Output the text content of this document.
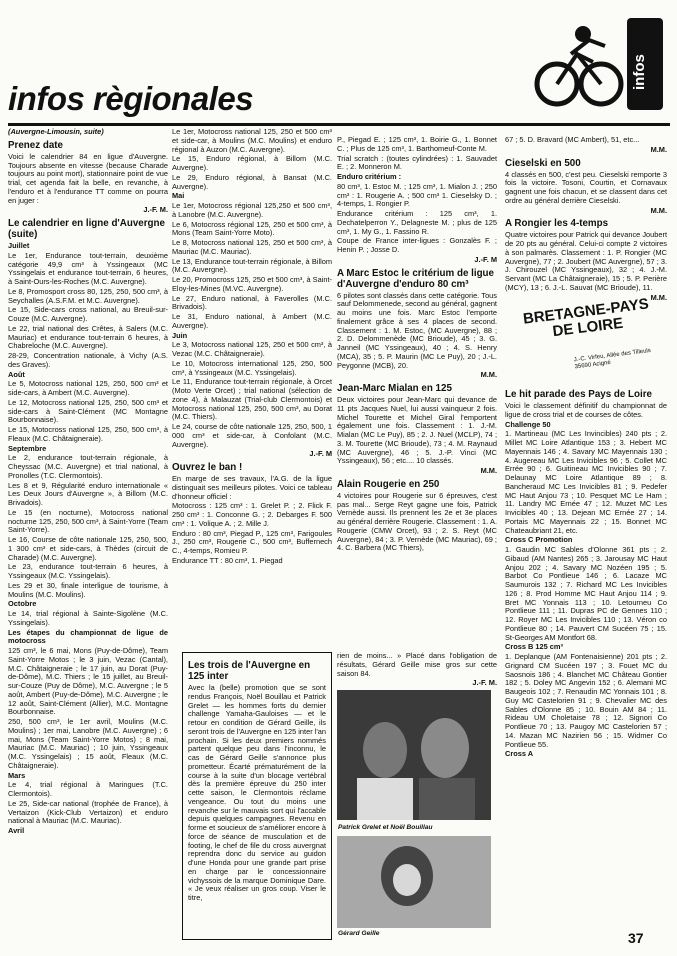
infos règionales
infos

(Auvergne-Limousin, suite)

Prenez date

Voici le calendrier 84 en ligue d'Auvergne. Toujours absente en vitesse (because Charade toujours au point mort), stationnaire point de vue trial, cet agenda fait la belle, en revanche, à l'enduro et à l'endurance TT comme on pourra en juger :

J.-F. M.
Le calendrier en ligne d'Auvergne (suite)

Juillet

Le 1er, Endurance tout-terrain, deuxième catégorie 49,9 cm³ à Yssingeaux (MC Yssingelais et endurance tout-terrain, 6 heures, à Saint-Ours-les-Roches (M.C. Auvergne).

Le 8, Promosport cross 80, 125, 250, 500 cm³, à Seychalles (A.S.F.M. et M.C. Auvergne).

Le 15, Side-cars cross national, au Breuil-sur-Couze (M.C. Auvergne).

Le 22, trial national des Crêtes, à Salers (M.C. Mauriac) et endurance tout-terrain 6 heures, à Chabreloche (M.C. Auvergne).

28-29, Concentration nationale, à Vichy (A.S. des Graves).

Août

Le 5, Motocross national 125, 250, 500 cm³ et side-cars, à Ambert (M.C. Auvergne).

Le 12, Motocross national 125, 250, 500 cm³ et side-cars à Saint-Clément (MC Montagne Bourbonnaise).

Le 15, Motocross national 125, 250, 500 cm³, à Fleaux (M.C. Châtaigneraie).

Septembre

Le 2, endurance tout-terrain régionale, à Cheyssac (M.C. Auvergne) et trial national, à Pronolles (T.C. Clermontois).

Les 8 et 9, Régularité enduro internationale « Les Deux Jours d'Auvergne », à Billom (M.C. Brivadois).

Le 15 (en nocturne), Motocross national nocturne 125, 250, 500 cm³, à Saint-Yorre (Team Saint-Yorre).

Le 16, Course de côte nationale 125, 250, 500, 1 300 cm³ et side-cars, à Thèdes (circuit de Charade) (M.C. Auvergne).

Le 23, endurance tout-terrain 6 heures, à Yssingeaux (M.C. Yssingelais).

Les 29 et 30, finale interligue de tourisme, à Moulins (M.C. Moulins).

Octobre

Le 14, trial régional à Sainte-Sigolène (M.C. Yssingelais).

Les étapes du championnat de ligue de motocross

125 cm³, le 6 mai, Mons (Puy-de-Dôme), Team Saint-Yorre Motos ; le 3 juin, Vezac (Cantal), M.C. Châtaigneraie ; le 17 juin, au Dorat (Puy-de-Dôme), M.C. Thiers ; le 15 juillet, au Breuil-sur-Couze (Puy de Dôme), M.C. Auvergne ; le 5 août, Ambert (Puy-de-Dôme), M.C. Auvergne ; le 12 août, Saint-Clément (Allier), M.C. Montagne Bourbonnaise.

250, 500 cm³, le 1er avril, Moulins (M.C. Moulins) ; 1er mai, Lanobre (M.C. Auvergne) ; 6 mai, Mons (Team Saint-Yorre Motos) ; 8 mai, Mauriac (M.C. Mauriac) ; 10 juin, Yssingeaux (M.C. Yssingelais) ; 15 août, Fleaux (M.C. Châtaigneraie).

Mars

Le 4, trial régional à Maringues (T.C. Clermontois).

Le 25, Side-car national (trophée de France), à Vertaizon (Kick-Club Vertaizon) et enduro national à Mauriac (M.C. Mauriac).

Avril

Le 1er, Motocross national 125, 250 et 500 cm³ et side-car, à Moulins (M.C. Moulins) et enduro régional à Auzon (M.C. Auvergne).

Le 15, Enduro régional, à Billom (M.C. Auvergne).

Le 29, Enduro régional, à Bansat (M.C. Auvergne).

Mai

Le 1er, Motocross régional 125,250 et 500 cm³, à Lanobre (M.C. Auvergne).

Le 6, Motocross régional 125, 250 et 500 cm³, à Mons (Team Saint-Yorre Moto).

Le 8, Motocross national 125, 250 et 500 cm³, à Mauriac (M.C. Mauriac).

Le 13, Endurance tout-terrain régionale, à Billom (M.C. Auvergne).

Le 20, Promocross 125, 250 et 500 cm³, à Saint-Eloy-les-Mines (M.VC. Auvergne).

Le 27, Enduro national, à Faverolles (M.C. Brivadois).

Le 31, Enduro national, à Ambert (M.C. Auvergne).

Juin

Le 3, Motocross national 125, 250 et 500 cm³, à Vezac (M.C. Châtaigneraie).

Le 10, Motocross international 125, 250, 500 cm³, à Yssingeaux (M.C. Yssingelais).

Le 11, Endurance tout-terrain régionale, à Orcet (Moto Verte Orcet) ; trial national (sélection de zone 4), à Malauzat (Trial-club Clermontois) et Motocross national 125, 250, 500 cm³, au Dorat (M.C. Thiers).

Le 24, course de côte nationale 125, 250, 500, 1 000 cm³ et side-car, à Confolant (M.C. Auvergne).

J.-F. M
Ouvrez le ban !

En marge de ses travaux, l'A.G. de la ligue distinguait ses meilleurs pilotes. Voici ce tableau d'honneur officiel :

Motocross : 125 cm³ : 1. Grelet P. ; 2. Flick F. 250 cm³ : 1. Conconne G. ; 2. Debarges F. 500 cm³ : 1. Volique A. ; 2. Mille J.

Enduro : 80 cm³, Piegad P., 125 cm³, Farigoules J., 250 cm³, Rougerie C., 500 cm³, Buffernech C., 4-temps, Romieu P.

Endurance TT : 80 cm³, 1. Piegad

Les trois de l'Auvergne en 125 inter

Avec la (belle) promotion que se sont rendus François, Noël Bouillau et Patrick Grelet — les hommes forts du dernier challenge Yamaha-Gauloises — et le retour en condition de Gérard Geille, ils seront trois de l'Auvergne en 125 inter l'an prochain. Si les deux premiers nommés partent quelque peu dans l'inconnu, le cas de Gérard Geille s'annonce plus prometteur. Écarté prématurément de la course à la suite d'un blocage vertébral dès la première épreuve du 250 inter cette saison, le Clermontois réclame vengeance. Ou tout du moins une revanche sur le mauvais sort qui l'accable depuis quelques campagnes. Revenu en forme et soucieux de s'améliorer encore à force de séance de musculation et de footing, le chef de file du cross auvergnat reprendra donc du service au guidon d'une Honda pour une grande part prise en charge par le concessionnaire vichyssois de la marque Dominique Dare. « Je veux réaliser un gros coup. Viser le titre,

rien de moins... » Placé dans l'obligation de résultats, Gérard Geille mise gros sur cette saison 84.

J.-F. M.
Patrick Grelet et Noël Bouillau
Gérard Geille

P., Piegad E. ; 125 cm³, 1. Boirie G., 1. Bonnet C. ; Plus de 125 cm³, 1. Barthomeuf-Conte M.

Trial scratch : (toutes cylindrées) : 1. Sauvadet E. ; 2. Monneron M.

Enduro critérium :

80 cm³, 1. Estoc M. ; 125 cm³, 1. Mialon J. ; 250 cm³ : 1. Rougerie A. ; 500 cm³ 1. Cieselsky D. ; 4-temps, 1. Rongier P.

Endurance critérium : 125 cm³, 1. Dechatelperron Y., Delagneste M. ; plus de 125 cm³, 1. My G., 1. Fassino R.

Coupe de France inter-ligues : Gonzalès F. ; Henin P. ; Josse D.

J.-F. M
A Marc Estoc le critérium de ligue d'Auvergne d'enduro 80 cm³

6 pilotes sont classés dans cette catégorie. Tous sauf Delommenede, second au général, gagnent au moins une fois. Marc Estoc l'emporte finalement grâce à ses 4 places de second. Classement : 1. M. Estoc, (MC Auvergne), 88 ; 2. D. Delommenède (MC Brioude), 45 ; 3. G. Janneil (MC Yssingeaux), 40 ; 4. S. Henry (MCA), 35 ; 5. P. Maurin (MC Le Puy), 20 ; J.-L. Peygonne (MCB), 20.

M.M.
Jean-Marc Mialan en 125

Deux victoires pour Jean-Marc qui devance de 11 pts Jacques Nuel, lui aussi vainqueur 2 fois. Michel Tourette et Michel Giral l'emportent également une fois. Classement : 1. J.-M. Mialan (MC Le Puy), 85 ; 2. J. Nuel (MCLP), 74 ; 3. M. Tourette (MC Brioude), 73 ; 4. M. Raynaud (MC Auvergne), 46 ; 5. J.-P. Vinci (MC Yssingeaux), 56 ; etc.... 10 classés.

M.M.
Alain Rougerie en 250

4 victoires pour Rougerie sur 6 épreuves, c'est pas mal... Serge Reyt gagne une fois, Patrick Vernède aussi. Ils prennent les 2e et 3e places au général derrière Rougerie. Classement : 1. A. Rougerie (CMW Orcet), 93 ; 2. S. Reyt (MC Auvergne), 84 ; 3. P. Vernède (MC Mauriac), 69 ; 4. C. Barbera (MC Thiers),

67 ; 5. D. Bravard (MC Ambert), 51, etc...

M.M.
Cieselski en 500

4 classés en 500, c'est peu. Cieselski remporte 3 fois la victoire. Tosoni, Courtin, et Cornavaux gagnent une fois chacun, et se classent dans cet ordre au général derrière Cieselski.

M.M.
A Rongier les 4-temps

Quatre victoires pour Patrick qui devance Joubert de 20 pts au général. Celui-ci compte 2 victoires à son palmarès. Classement : 1. P. Rongier (MC Auvergne), 77 ; 2. Joubert (MC Auvergne), 57 ; 3. J. Chirouzel (MC Yssingeaux), 32 ; 4. J.-M. Servant (MC La Châtaigneraie), 15 ; 5. P. Perière (MCY), 13 ; 6. J.-L. Sauvat (MC Brioude), 11.

M.M.
BRETAGNE-PAYS DE LOIRE
J.-C. Virfeu, Allée des Tilleuls 35690 Acigné
Le hit parade des Pays de Loire

Voici le classement définitif du championnat de ligue de cross trial et de courses de côtes.

Challenge 50

1. Martineau (MC Les Invincibles) 240 pts ; 2. Millet MC Loire Atlantique 153 ; 3. Hebert MC Mayennais 146 ; 4. Savary MC Mayennais 130 ; 4. Augereau MC Les Invicibles 96 ; 5. Collet MC Errée 90 ; 6. Guitineau MC Invicibles 90 ; 7. Delaunay MC Loire Atlantique 89 ; 8. Bancheraud MC Les Invicibles 81 ; 9. Pedefer MC Haut Anjou 73 ; 10. Pesquet MC Le Ham ; 11. Landry MC Ernée 47 ; 12. Muzet MC Les Invicibles 40 ; 13. Dejean MC Ernée 27 ; 14. Portais MC Mayennais 22 ; 15. Bonnet MC Chateaubriant 21, etc.

Cross C Promotion

1. Gaudin MC Sables d'Olonne 361 pts ; 2. Gibaud (AM Nantes) 265 ; 3. Jarousay MC Haut Anjou 202 ; 4. Savary MC Nozéen 195 ; 5. Barbot Co Pontlieue 146 ; 6. Lacaze MC Saumurois 132 ; 7. Richard MC Les Invicibles 126 ; 8. Prod Homme MC Haut Anjou 114 ; 9. Bret MC Yonnais 113 ; 10. Letourneu Co Pontlieue 111 ; 11. Dupras PC de Gennes 110 ; 12. Royer MC Les Invicibles 110 ; 13. Véron co Pontlieue 80 ; 14. Pauvert CM Sucéen 75 ; 15. St-Georges AM Montfort 68.

Cross B 125 cm³

1. Deplanque (AM Fontenaisienne) 201 pts ; 2. Grignard CM Sucéen 197 ; 3. Fouet MC du Saosnois 186 ; 4. Blanchet MC Château Gontier 182 ; 5. Doley MC Angevin 152 ; 6. Alemani MC Baugeois 102 ; 7. Renaudin MC Yonnais 101 ; 8. Guy MC Castelorien 91 ; 9. Chevalier MC des Sables d'Olonne 85 ; 10. Bouin AM 84 ; 11. Rideau UM Choletaise 78 ; 12. Signori Co Pontlieue 70 ; 13. Paugoy MC Castelorien 57 ; 14. Mazan MC Nazirien 56 ; 15. Widmer Co Pontlieue 55.

Cross A

37
